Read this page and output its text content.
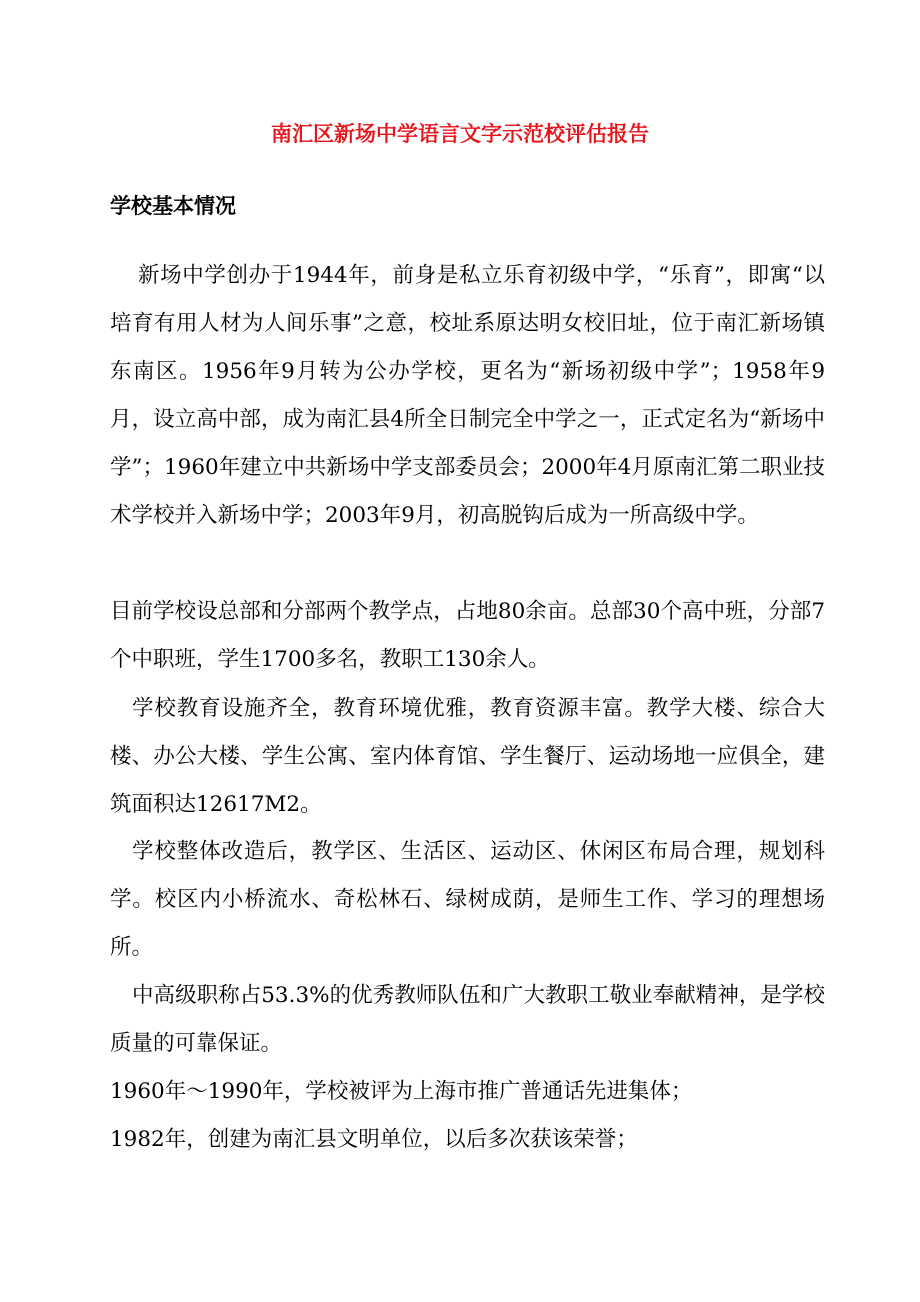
南汇区新场中学语言文字示范校评估报告
学校基本情况

新场中学创办于1944年，前身是私立乐育初级中学，“乐育”，即寓“以培育有用人材为人间乐事”之意，校址系原达明女校旧址，位于南汇新场镇东南区。1956年9月转为公办学校，更名为“新场初级中学”；1958年9月，设立高中部，成为南汇县4所全日制完全中学之一，正式定名为“新场中学”；1960年建立中共新场中学支部委员会；2000年4月原南汇第二职业技术学校并入新场中学；2003年9月，初高脱钩后成为一所高级中学。

目前学校设总部和分部两个教学点，占地80余亩。总部30个高中班，分部7个中职班，学生1700多名，教职工130余人。

学校教育设施齐全，教育环境优雅，教育资源丰富。教学大楼、综合大楼、办公大楼、学生公寓、室内体育馆、学生餐厅、运动场地一应俱全，建筑面积达12617M2。

学校整体改造后，教学区、生活区、运动区、休闲区布局合理，规划科学。校区内小桥流水、奇松林石、绿树成荫，是师生工作、学习的理想场所。

中高级职称占53.3%的优秀教师队伍和广大教职工敬业奉献精神，是学校质量的可靠保证。

1960年～1990年，学校被评为上海市推广普通话先进集体；

1982年，创建为南汇县文明单位，以后多次获该荣誉；
